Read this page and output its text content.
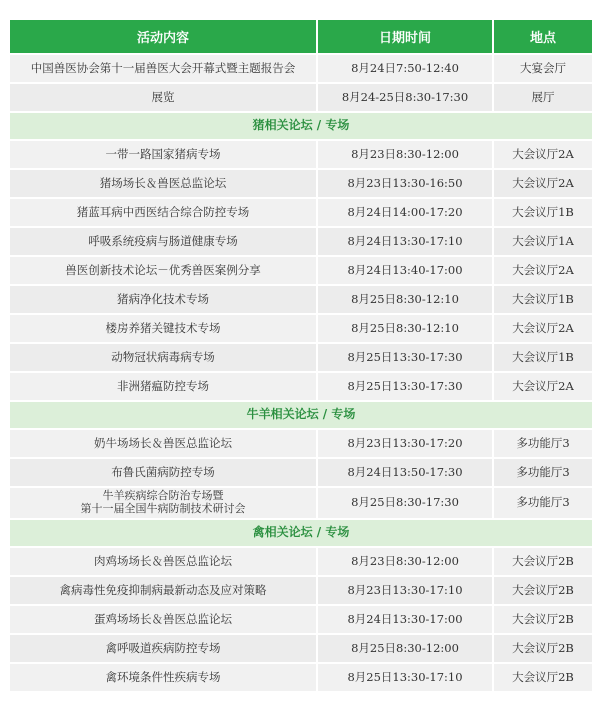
活动内容	日期时间	地点
中国兽医协会第十一届兽医大会开幕式暨主题报告会	8月24日7:50-12:40	大宴会厅
展览	8月24-25日8:30-17:30	展厅
猪相关论坛 / 专场		
一带一路国家猪病专场	8月23日8:30-12:00	大会议厅2A
猪场场长＆兽医总监论坛	8月23日13:30-16:50	大会议厅2A
猪蓝耳病中西医结合综合防控专场	8月24日14:00-17:20	大会议厅1B
呼吸系统疫病与肠道健康专场	8月24日13:30-17:10	大会议厅1A
兽医创新技术论坛－优秀兽医案例分享	8月24日13:40-17:00	大会议厅2A
猪病净化技术专场	8月25日8:30-12:10	大会议厅1B
楼房养猪关键技术专场	8月25日8:30-12:10	大会议厅2A
动物冠状病毒病专场	8月25日13:30-17:30	大会议厅1B
非洲猪瘟防控专场	8月25日13:30-17:30	大会议厅2A
牛羊相关论坛 / 专场		
奶牛场场长＆兽医总监论坛	8月23日13:30-17:20	多功能厅3
布鲁氏菌病防控专场	8月24日13:50-17:30	多功能厅3

牛羊疾病综合防治专场暨
第十一届全国牛病防制技术研讨会	8月25日8:30-17:30	多功能厅3
禽相关论坛 / 专场		
肉鸡场场长＆兽医总监论坛	8月23日8:30-12:00	大会议厅2B
禽病毒性免疫抑制病最新动态及应对策略	8月23日13:30-17:10	大会议厅2B
蛋鸡场场长＆兽医总监论坛	8月24日13:30-17:00	大会议厅2B
禽呼吸道疾病防控专场	8月25日8:30-12:00	大会议厅2B
禽环境条件性疾病专场	8月25日13:30-17:10	大会议厅2B
